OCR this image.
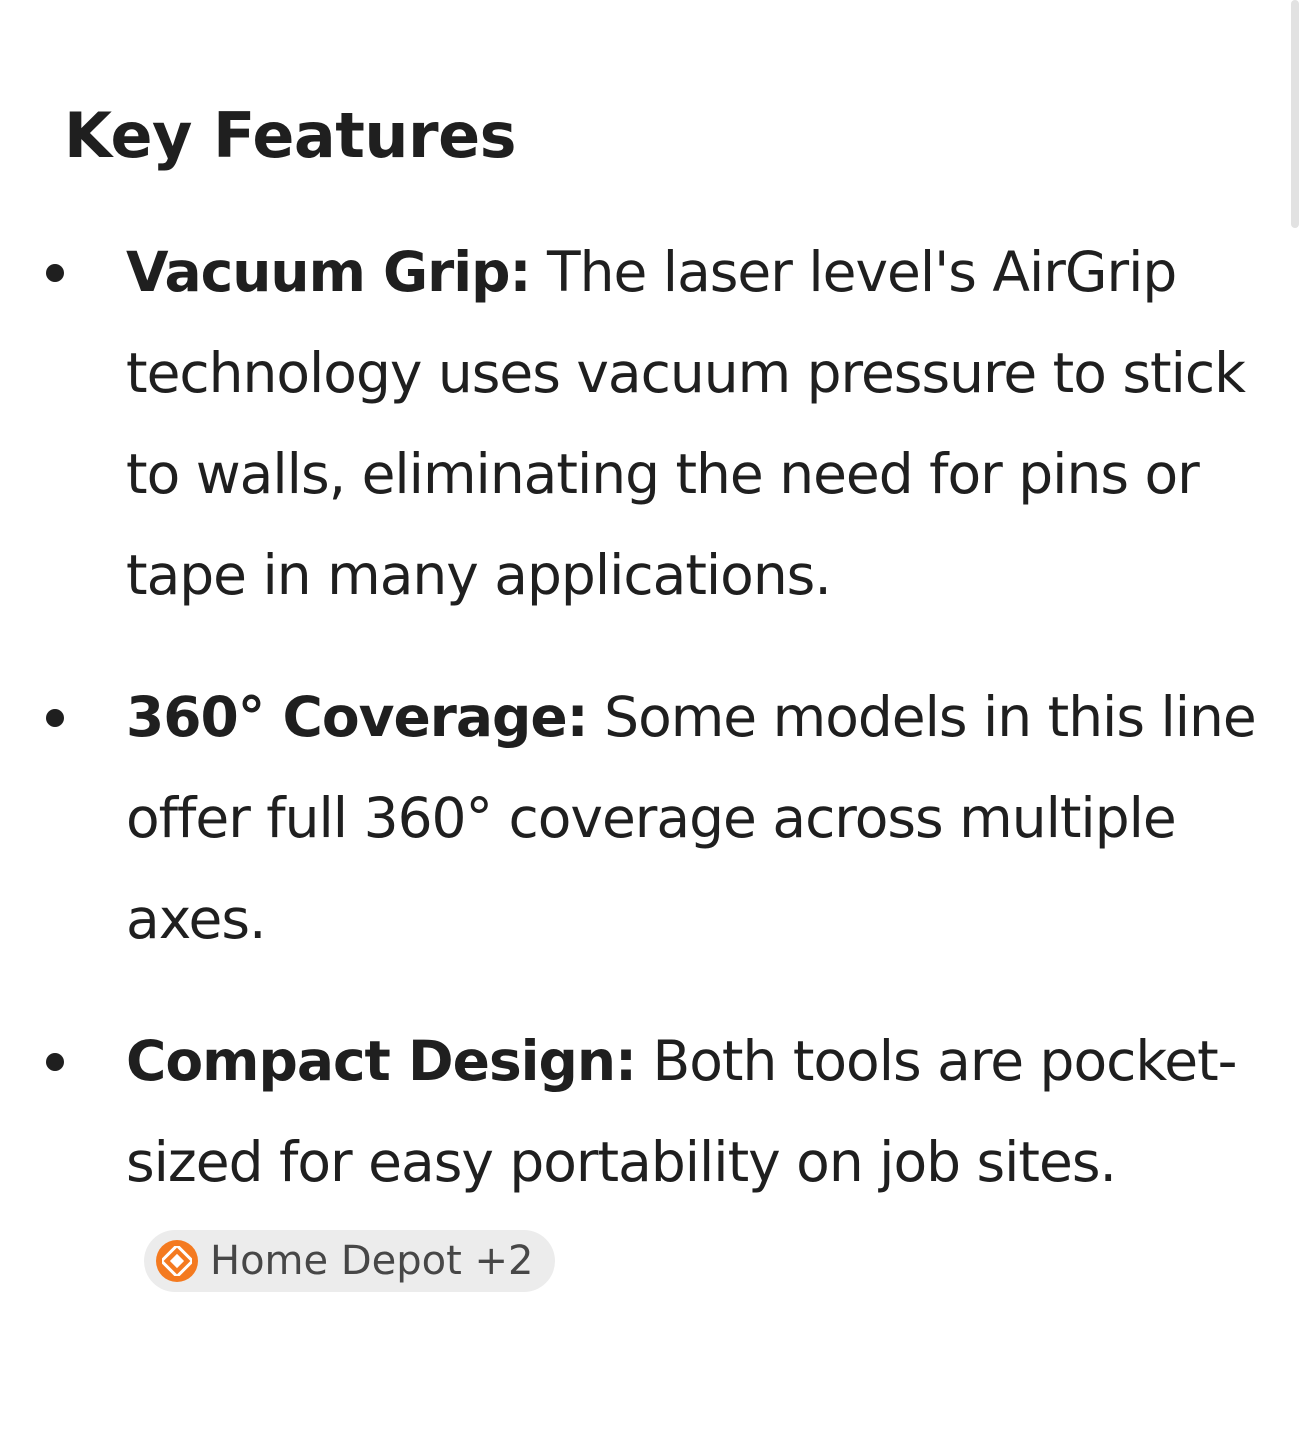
Key Features
Vacuum Grip: The laser level's AirGrip technology uses vacuum pressure to stick to walls, eliminating the need for pins or tape in many applications.
360° Coverage: Some models in this line offer full 360° coverage across multiple axes.
Compact Design: Both tools are pocket-sized for easy portability on job sites.
Home Depot +2
